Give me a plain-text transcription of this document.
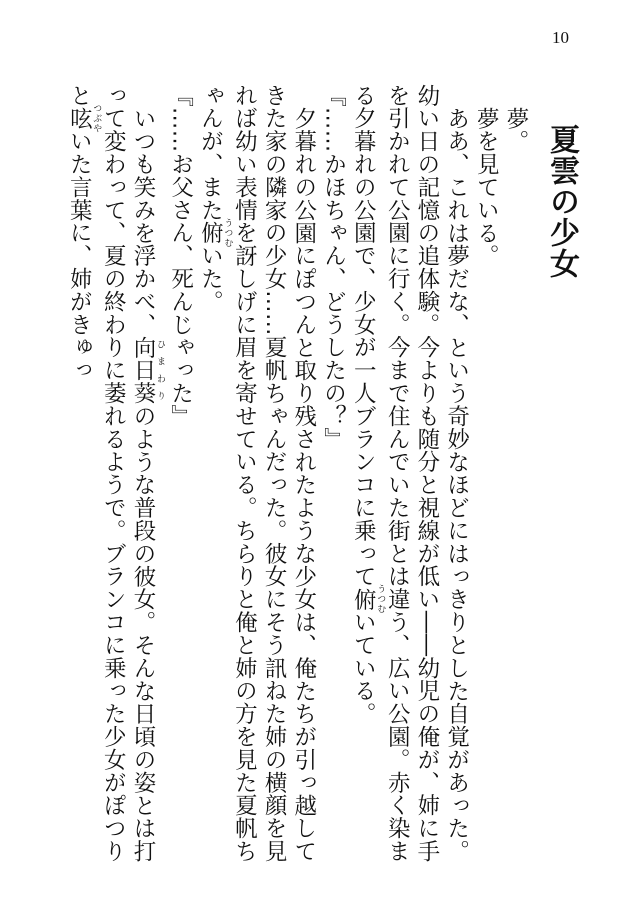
10
夏雲の少女

夢。

夢を見ている。

ああ、これは夢だな、という奇妙なほどにはっきりとした自覚があった。幼い日の記憶の追体験。今よりも随分と視線が低い――幼児の俺が、姉に手を引かれて公園に行く。今まで住んでいた街とは違う、広い公園。赤く染まる夕暮れの公園で、少女が一人ブランコに乗って俯 うつむいている。

『……かほちゃん、どうしたの？』

夕暮れの公園にぽつんと取り残されたような少女は、俺たちが引っ越してきた家の隣家の少女……夏帆ちゃんだった。彼女にそう訊ねた姉の横顔を見れば幼い表情を訝しげに眉を寄せている。ちらりと俺と姉の方を見た夏帆ちゃんが、また俯 うつむいた。

『……お父さん、死んじゃった』

いつも笑みを浮かべ、向日葵 ひまわりのような普段の彼女。そんな日頃の姿とは打って変わって、夏の終わりに萎れるようで。ブランコに乗った少女がぽつりと呟 つぶやいた言葉に、姉がきゅっ
